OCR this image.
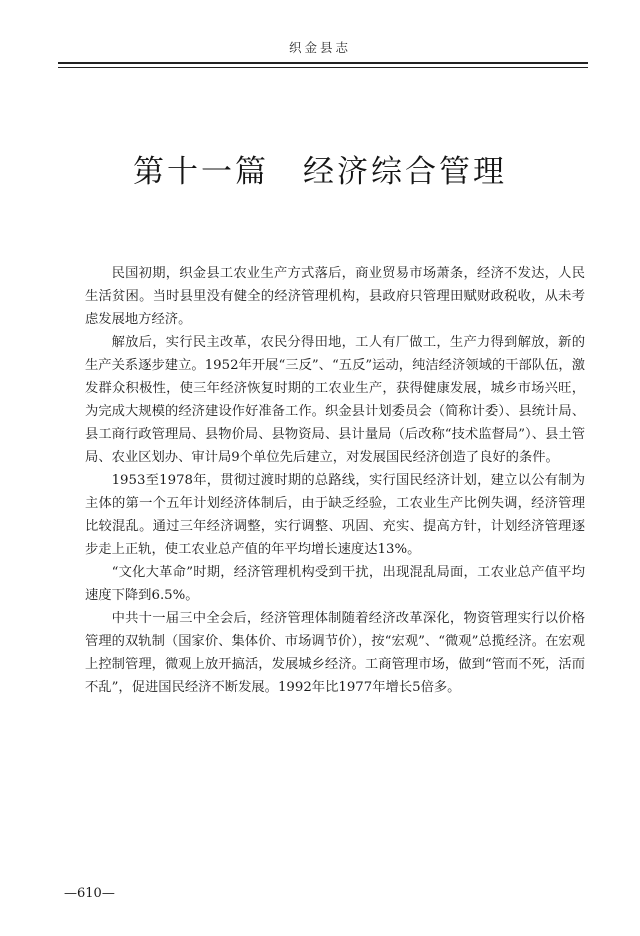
织金县志
第十一篇　经济综合管理

民国初期，织金县工农业生产方式落后，商业贸易市场萧条，经济不发达，人民生活贫困。当时县里没有健全的经济管理机构，县政府只管理田赋财政税收，从未考虑发展地方经济。

解放后，实行民主改革，农民分得田地，工人有厂做工，生产力得到解放，新的生产关系逐步建立。1952年开展“三反”、“五反”运动，纯洁经济领域的干部队伍，激发群众积极性，使三年经济恢复时期的工农业生产，获得健康发展，城乡市场兴旺，为完成大规模的经济建设作好准备工作。织金县计划委员会（简称计委）、县统计局、县工商行政管理局、县物价局、县物资局、县计量局（后改称“技术监督局”）、县土管局、农业区划办、审计局9个单位先后建立，对发展国民经济创造了良好的条件。

1953至1978年，贯彻过渡时期的总路线，实行国民经济计划，建立以公有制为主体的第一个五年计划经济体制后，由于缺乏经验，工农业生产比例失调，经济管理比较混乱。通过三年经济调整，实行调整、巩固、充实、提高方针，计划经济管理逐步走上正轨，使工农业总产值的年平均增长速度达13%。

“文化大革命”时期，经济管理机构受到干扰，出现混乱局面，工农业总产值平均速度下降到6.5%。

中共十一届三中全会后，经济管理体制随着经济改革深化，物资管理实行以价格管理的双轨制（国家价、集体价、市场调节价），按“宏观”、“微观”总揽经济。在宏观上控制管理，微观上放开搞活，发展城乡经济。工商管理市场，做到“管而不死，活而不乱”，促进国民经济不断发展。1992年比1977年增长5倍多。

—610—
